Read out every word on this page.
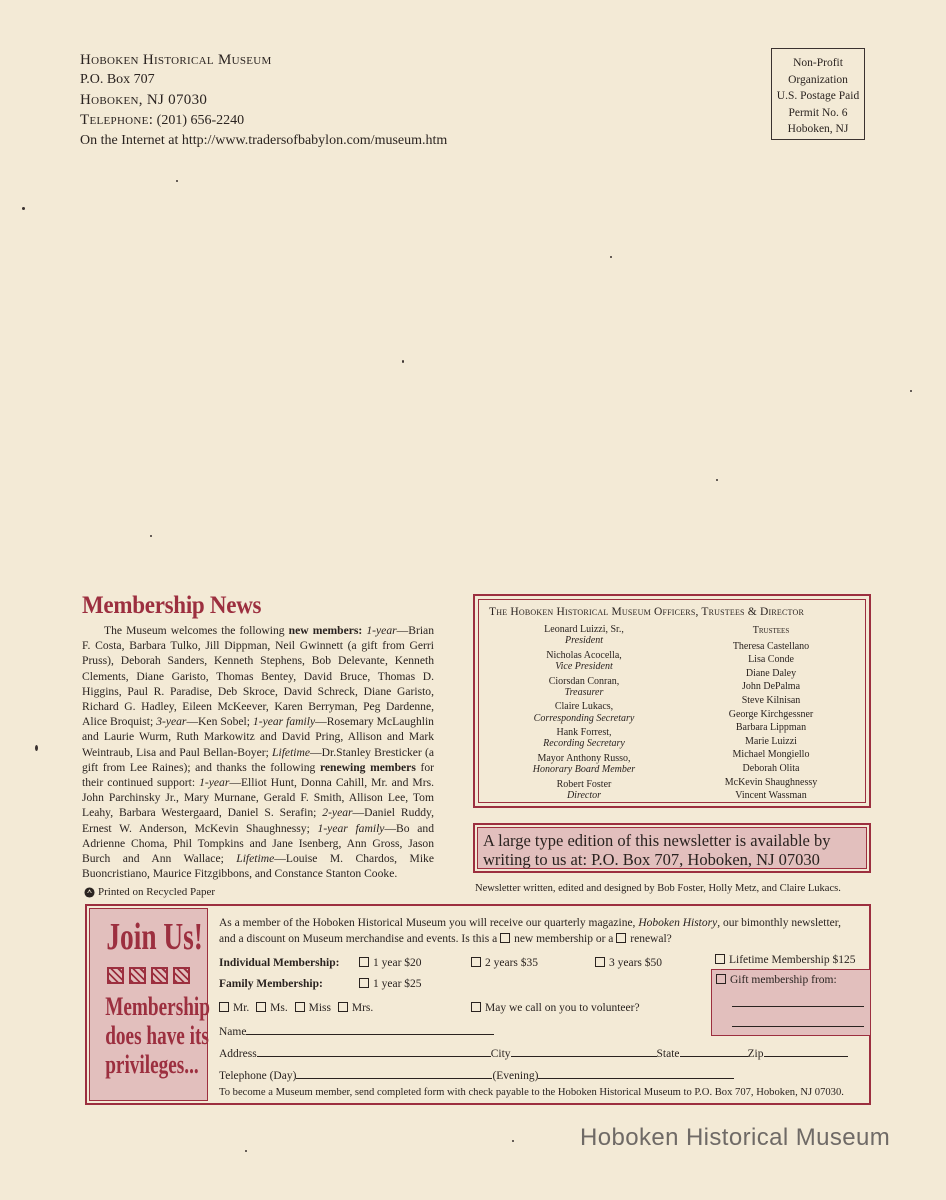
Hoboken Historical Museum
P.O. Box 707
Hoboken, NJ 07030
Telephone: (201) 656-2240
On the Internet at http://www.tradersofbabylon.com/museum.htm
Non-Profit
Organization
U.S. Postage Paid
Permit No. 6
Hoboken, NJ
Membership News
The Museum welcomes the following new members: 1-year—Brian F. Costa, Barbara Tulko, Jill Dippman, Neil Gwinnett (a gift from Gerri Pruss), Deborah Sanders, Kenneth Stephens, Bob Delevante, Kenneth Clements, Diane Garisto, Thomas Bentey, David Bruce, Thomas D. Higgins, Paul R. Paradise, Deb Skroce, David Schreck, Diane Garisto, Richard G. Hadley, Eileen McKeever, Karen Berryman, Peg Dardenne, Alice Broquist; 3-year—Ken Sobel; 1-year family—Rosemary McLaughlin and Laurie Wurm, Ruth Markowitz and David Pring, Allison and Mark Weintraub, Lisa and Paul Bellan-Boyer; Lifetime—Dr.Stanley Bresticker (a gift from Lee Raines); and thanks the following renewing members for their continued support: 1-year—Elliot Hunt, Donna Cahill, Mr. and Mrs. John Parchinsky Jr., Mary Murnane, Gerald F. Smith, Allison Lee, Tom Leahy, Barbara Westergaard, Daniel S. Serafin; 2-year—Daniel Ruddy, Ernest W. Anderson, McKevin Shaughnessy; 1-year family—Bo and Adrienne Choma, Phil Tompkins and Jane Isenberg, Ann Gross, Jason Burch and Ann Wallace; Lifetime—Louise M. Chardos, Mike Buoncristiano, Maurice Fitzgibbons, and Constance Stanton Cooke.
Printed on Recycled Paper
The Hoboken Historical Museum Officers, Trustees & Director
Leonard Luizzi, Sr.,
President
Nicholas Acocella,
Vice President
Ciorsdan Conran,
Treasurer
Claire Lukacs,
Corresponding Secretary
Hank Forrest,
Recording Secretary
Mayor Anthony Russo,
Honorary Board Member
Robert Foster
Director
Trustees
Theresa Castellano
Lisa Conde
Diane Daley
John DePalma
Steve Kilnisan
George Kirchgessner
Barbara Lippman
Marie Luizzi
Michael Mongiello
Deborah Olita
McKevin Shaughnessy
Vincent Wassman
A large type edition of this newsletter is available by writing to us at: P.O. Box 707, Hoboken, NJ 07030
Newsletter written, edited and designed by Bob Foster, Holly Metz, and Claire Lukacs.
Join Us!
Membership
does have its
privileges...
As a member of the Hoboken Historical Museum you will receive our quarterly magazine, Hoboken History, our bimonthly newsletter,
and a discount on Museum merchandise and events. Is this a new membership or a renewal?
Individual Membership:	1 year $20	2 years $35	3 years $50	Lifetime Membership $125
Family Membership:	1 year $25	Gift membership from:
Mr. Ms. Miss Mrs.	May we call on you to volunteer?
Name
Address	City	State	Zip
Telephone (Day)	(Evening)
To become a Museum member, send completed form with check payable to the Hoboken Historical Museum to P.O. Box 707, Hoboken, NJ 07030.
Hoboken Historical Museum
